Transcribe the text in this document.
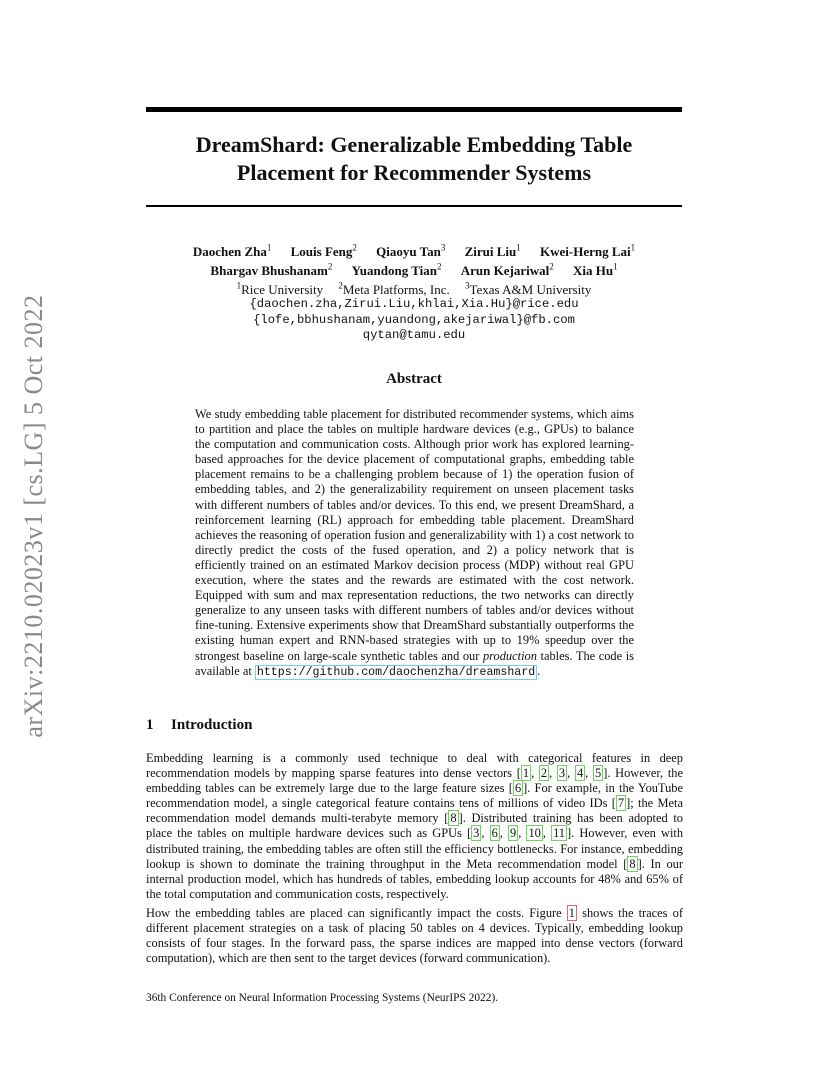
arXiv:2210.02023v1 [cs.LG] 5 Oct 2022
DreamShard: Generalizable Embedding Table
Placement for Recommender Systems
Daochen Zha$^1$ Louis Feng$^2$ Qiaoyu Tan$^3$ Zirui Liu$^1$ Kwei-Herng Lai$^1$
Bhargav Bhushanam$^2$ Yuandong Tian$^2$ Arun Kejariwal$^2$ Xia Hu$^1$
$^1$Rice University $^2$Meta Platforms, Inc. $^3$Texas A&M University
{daochen.zha,Zirui.Liu,khlai,Xia.Hu}@rice.edu
{lofe,bbhushanam,yuandong,akejariwal}@fb.com
qytan@tamu.edu
Abstract
We study embedding table placement for distributed recommender systems, which aims to partition and place the tables on multiple hardware devices (e.g., GPUs) to balance the computation and communication costs. Although prior work has explored learning-based approaches for the device placement of computational graphs, embedding table placement remains to be a challenging problem because of 1) the operation fusion of embedding tables, and 2) the generalizability requirement on unseen placement tasks with different numbers of tables and/or devices. To this end, we present DreamShard, a reinforcement learning (RL) approach for embedding table placement. DreamShard achieves the reasoning of operation fusion and generalizability with 1) a cost network to directly predict the costs of the fused operation, and 2) a policy network that is efficiently trained on an estimated Markov decision process (MDP) without real GPU execution, where the states and the rewards are estimated with the cost network. Equipped with sum and max representation reductions, the two networks can directly generalize to any unseen tasks with different numbers of tables and/or devices without fine-tuning. Extensive experiments show that DreamShard substantially outperforms the existing human expert and RNN-based strategies with up to 19% speedup over the strongest baseline on large-scale synthetic tables and our production tables. The code is available at https://github.com/daochenzha/dreamshard .
1 Introduction
Embedding learning is a commonly used technique to deal with categorical features in deep recommendation models by mapping sparse features into dense vectors [ 1 , 2 , 3 , 4 , 5 ]. However, the embedding tables can be extremely large due to the large feature sizes [ 6 ]. For example, in the YouTube recommendation model, a single categorical feature contains tens of millions of video IDs [ 7 ]; the Meta recommendation model demands multi-terabyte memory [ 8 ]. Distributed training has been adopted to place the tables on multiple hardware devices such as GPUs [ 3 , 6 , 9 , 10 , 11 ]. However, even with distributed training, the embedding tables are often still the efficiency bottlenecks. For instance, embedding lookup is shown to dominate the training throughput in the Meta recommendation model [ 8 ]. In our internal production model, which has hundreds of tables, embedding lookup accounts for 48% and 65% of the total computation and communication costs, respectively.
How the embedding tables are placed can significantly impact the costs. Figure 1 shows the traces of different placement strategies on a task of placing 50 tables on 4 devices. Typically, embedding lookup consists of four stages. In the forward pass, the sparse indices are mapped into dense vectors (forward computation), which are then sent to the target devices (forward communication).

36th Conference on Neural Information Processing Systems (NeurIPS 2022).
